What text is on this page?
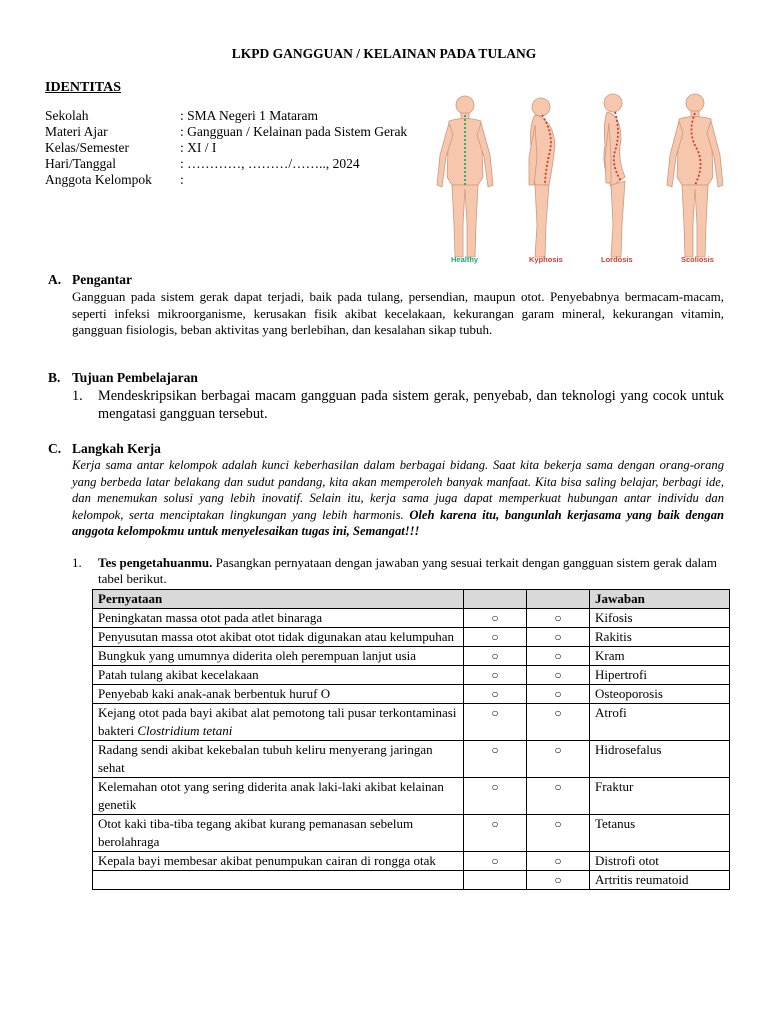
LKPD GANGGUAN / KELAINAN PADA TULANG
IDENTITAS
Sekolah	: SMA Negeri 1 Mataram
Materi Ajar	: Gangguan / Kelainan pada Sistem Gerak
Kelas/Semester	: XI / I
Hari/Tanggal	: …………, ………/…….., 2024
Anggota Kelompok	:
Healthy	Kyphosis	Lordosis	Scoliosis
A. Pengantar
Gangguan pada sistem gerak dapat terjadi, baik pada tulang, persendian, maupun otot. Penyebabnya bermacam-macam, seperti infeksi mikroorganisme, kerusakan fisik akibat kecelakaan, kekurangan garam mineral, kekurangan vitamin, gangguan fisiologis, beban aktivitas yang berlebihan, dan kesalahan sikap tubuh.
B. Tujuan Pembelajaran
1.	Mendeskripsikan berbagai macam gangguan pada sistem gerak, penyebab, dan teknologi yang cocok untuk mengatasi gangguan tersebut.
C. Langkah Kerja
Kerja sama antar kelompok adalah kunci keberhasilan dalam berbagai bidang. Saat kita bekerja sama dengan orang-orang yang berbeda latar belakang dan sudut pandang, kita akan memperoleh banyak manfaat. Kita bisa saling belajar, berbagi ide, dan menemukan solusi yang lebih inovatif. Selain itu, kerja sama juga dapat memperkuat hubungan antar individu dan kelompok, serta menciptakan lingkungan yang lebih harmonis. Oleh karena itu, bangunlah kerjasama yang baik dengan anggota kelompokmu untuk menyelesaikan tugas ini, Semangat!!!
1.	Tes pengetahuanmu. Pasangkan pernyataan dengan jawaban yang sesuai terkait dengan gangguan sistem gerak dalam tabel berikut.
Pernyataan			Jawaban
Peningkatan massa otot pada atlet binaraga	○	○	Kifosis
Penyusutan massa otot akibat otot tidak digunakan atau kelumpuhan	○	○	Rakitis
Bungkuk yang umumnya diderita oleh perempuan lanjut usia	○	○	Kram
Patah tulang akibat kecelakaan	○	○	Hipertrofi
Penyebab kaki anak-anak berbentuk huruf O	○	○	Osteoporosis
Kejang otot pada bayi akibat alat pemotong tali pusar terkontaminasi bakteri Clostridium tetani	○	○	Atrofi
Radang sendi akibat kekebalan tubuh keliru menyerang jaringan sehat	○	○	Hidrosefalus
Kelemahan otot yang sering diderita anak laki-laki akibat kelainan genetik	○	○	Fraktur
Otot kaki tiba-tiba tegang akibat kurang pemanasan sebelum berolahraga	○	○	Tetanus
Kepala bayi membesar akibat penumpukan cairan di rongga otak	○	○	Distrofi otot
		○	Artritis reumatoid
